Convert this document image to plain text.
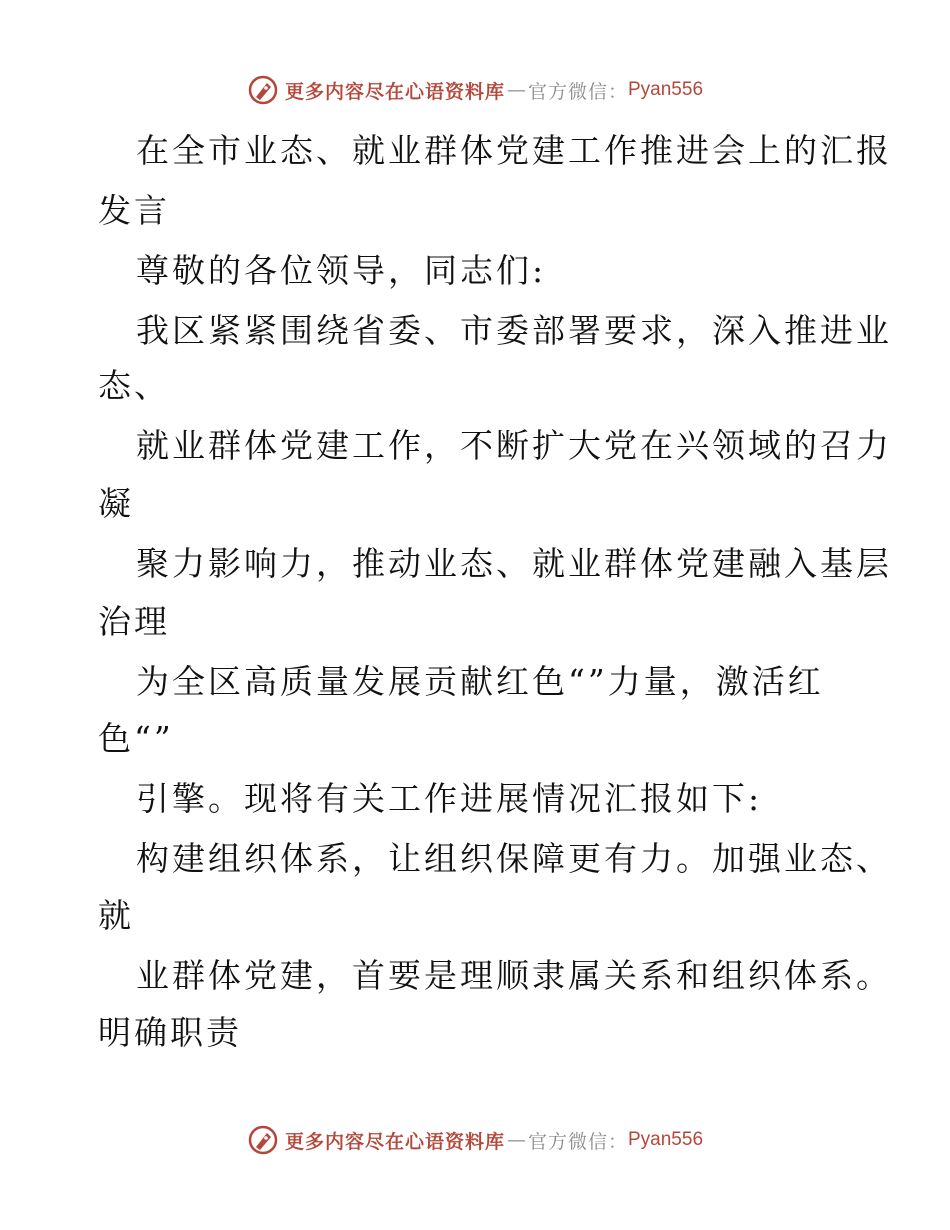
更多内容尽在心语资料库 — 官方微信： Pyan556
在全市业态、就业群体党建工作推进会上的汇报
发言
尊敬的各位领导，同志们:
我区紧紧围绕省委、市委部署要求，深入推进业
态、
就业群体党建工作，不断扩大党在兴领域的召力
凝
聚力影响力，推动业态、就业群体党建融入基层
治理
为全区高质量发展贡献红色“”力量，激活红
色“”
引擎。现将有关工作进展情况汇报如下:
构建组织体系，让组织保障更有力。加强业态、
就
业群体党建，首要是理顺隶属关系和组织体系。
明确职责
更多内容尽在心语资料库 — 官方微信： Pyan556
